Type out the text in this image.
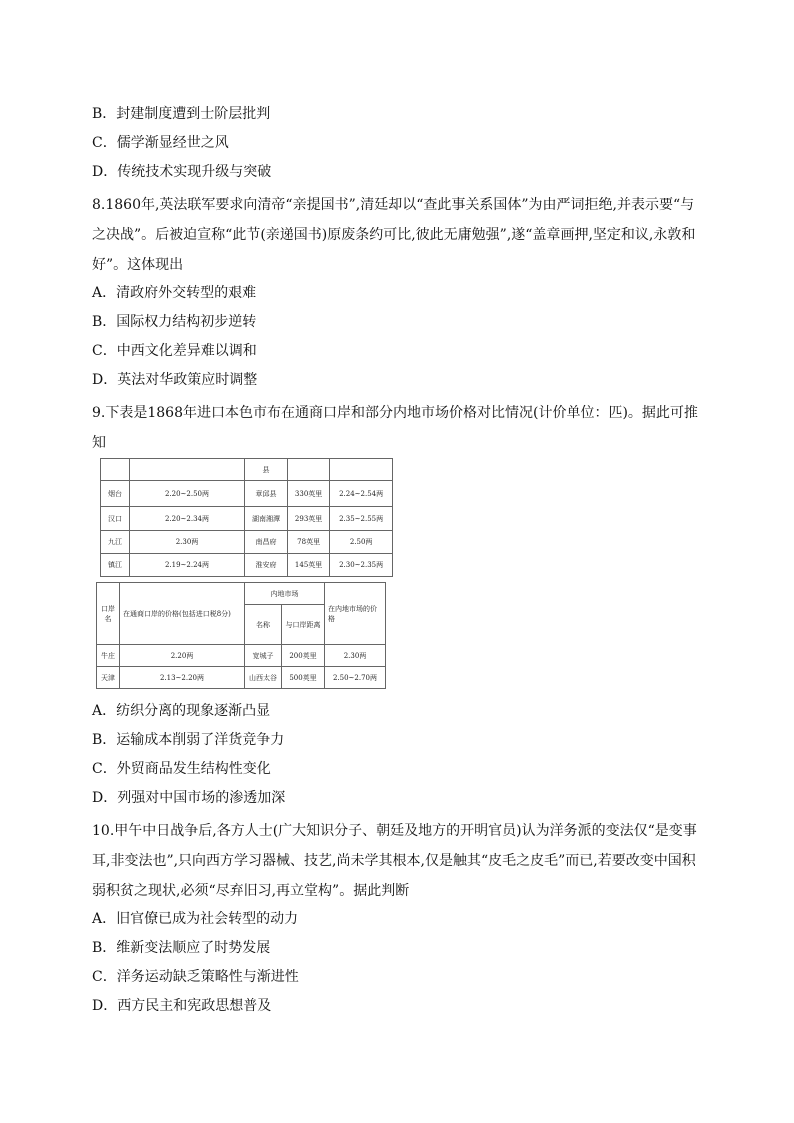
B．封建制度遭到士阶层批判
C．儒学渐显经世之风
D．传统技术实现升级与突破
8.1860年,英法联军要求向清帝“亲提国书”,清廷却以“查此事关系国体”为由严词拒绝,并表示要“与之决战”。后被迫宣称“此节(亲递国书)原废条约可比,彼此无庸勉强”,遂“盖章画押,坚定和议,永敦和好”。这体现出
A．清政府外交转型的艰难
B．国际权力结构初步逆转
C．中西文化差异难以调和
D．英法对华政策应时调整
9.下表是1868年进口本色市布在通商口岸和部分内地市场价格对比情况(计价单位：匹)。据此可推知
		县		
烟台	2.20~2.50两	章邱县	330英里	2.24~2.54两
汉口	2.20~2.34两	湖南湘潭	293英里	2.35~2.55两
九江	2.30两	南昌府	78英里	2.50两
镇江	2.19~2.24两	淮安府	145英里	2.30~2.35两
口岸名	在通商口岸的价格(包括进口税8分)	内地市场		在内地市场的价格
		名称	与口岸距离	
牛庄	2.20两	宽城子	200英里	2.30两
天津	2.13~2.20两	山西太谷	500英里	2.50~2.70两
A．纺织分离的现象逐渐凸显
B．运输成本削弱了洋货竞争力
C．外贸商品发生结构性变化
D．列强对中国市场的渗透加深
10.甲午中日战争后,各方人士(广大知识分子、朝廷及地方的开明官员)认为洋务派的变法仅“是变事耳,非变法也”,只向西方学习器械、技艺,尚未学其根本,仅是触其“皮毛之皮毛”而已,若要改变中国积弱积贫之现状,必须“尽弃旧习,再立堂构”。据此判断
A．旧官僚已成为社会转型的动力
B．维新变法顺应了时势发展
C．洋务运动缺乏策略性与渐进性
D．西方民主和宪政思想普及
